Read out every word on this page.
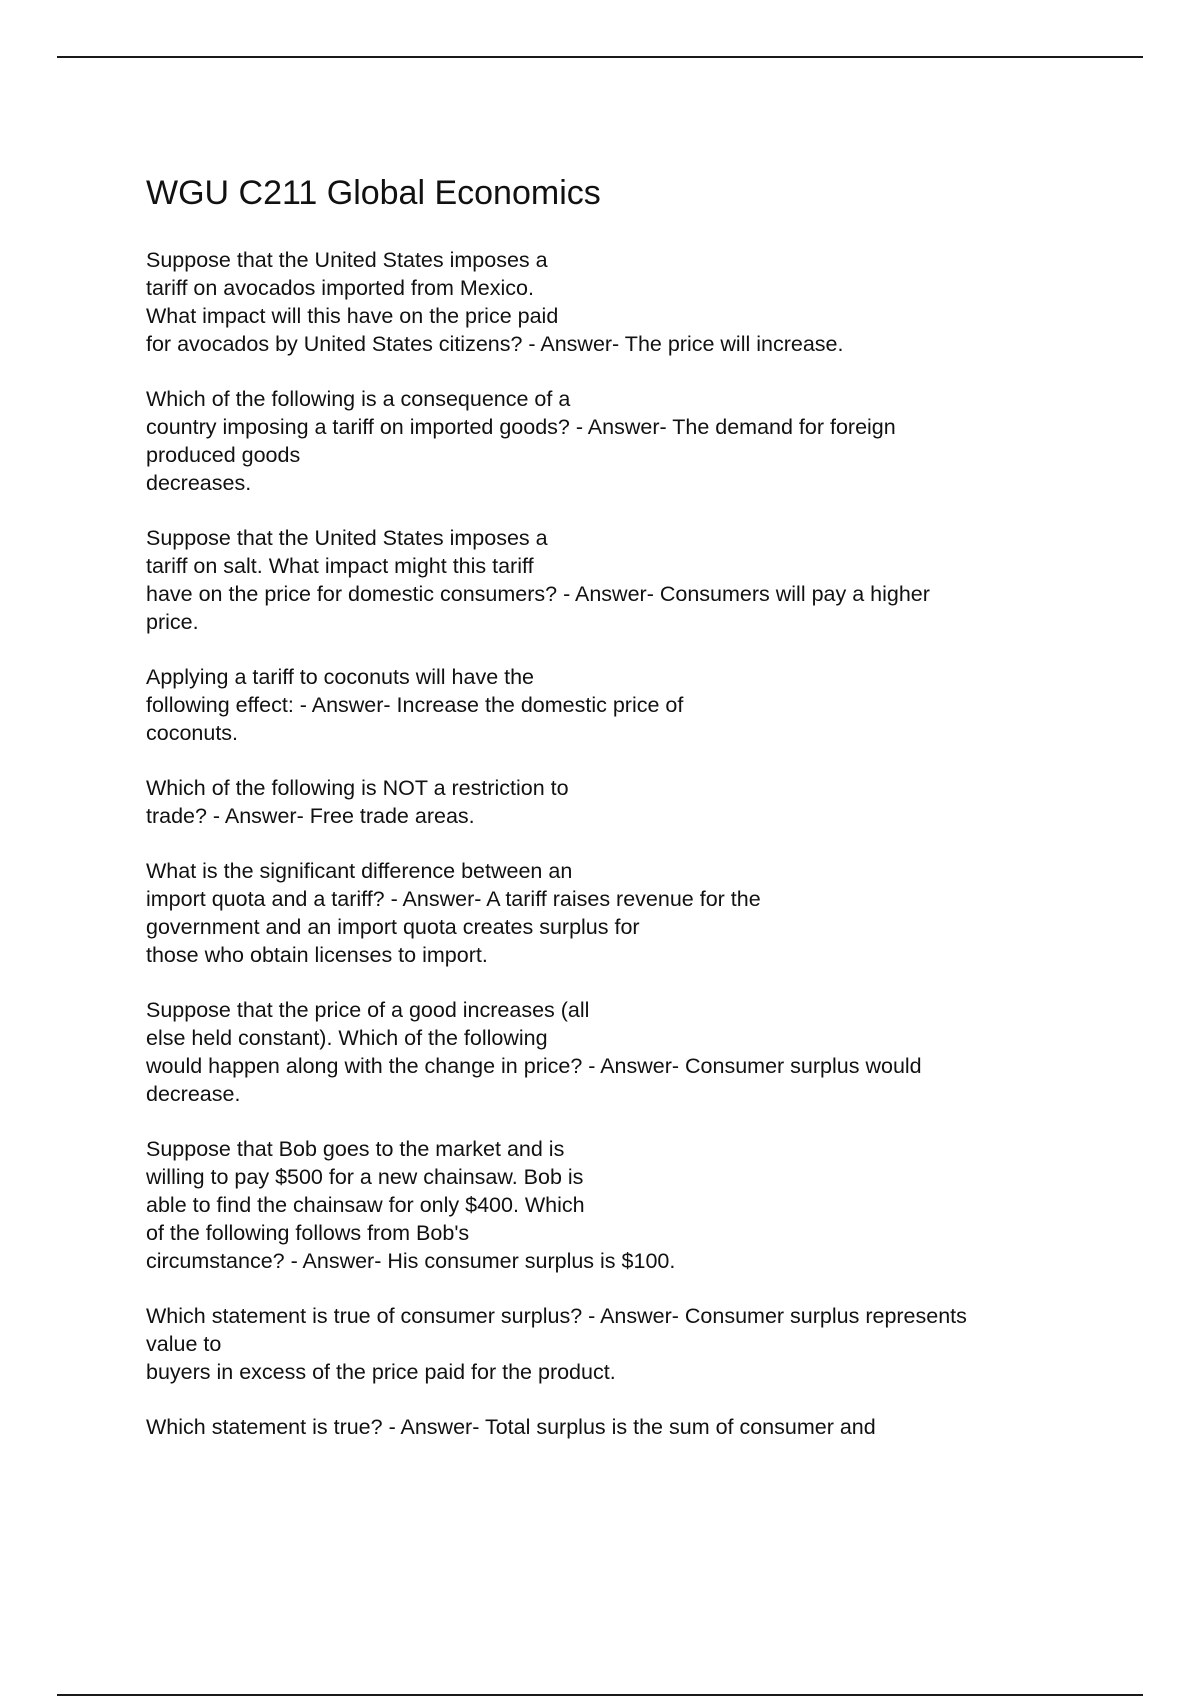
WGU C211 Global Economics
Suppose that the United States imposes a
tariff on avocados imported from Mexico.
What impact will this have on the price paid
for avocados by United States citizens? - Answer- The price will increase.
Which of the following is a consequence of a
country imposing a tariff on imported goods? - Answer- The demand for foreign
produced goods
decreases.
Suppose that the United States imposes a
tariff on salt. What impact might this tariff
have on the price for domestic consumers? - Answer- Consumers will pay a higher
price.
Applying a tariff to coconuts will have the
following effect: - Answer- Increase the domestic price of
coconuts.
Which of the following is NOT a restriction to
trade? - Answer- Free trade areas.
What is the significant difference between an
import quota and a tariff? - Answer- A tariff raises revenue for the
government and an import quota creates surplus for
those who obtain licenses to import.
Suppose that the price of a good increases (all
else held constant). Which of the following
would happen along with the change in price? - Answer- Consumer surplus would
decrease.
Suppose that Bob goes to the market and is
willing to pay $500 for a new chainsaw. Bob is
able to find the chainsaw for only $400. Which
of the following follows from Bob's
circumstance? - Answer- His consumer surplus is $100.
Which statement is true of consumer surplus? - Answer- Consumer surplus represents
value to
buyers in excess of the price paid for the product.
Which statement is true? - Answer- Total surplus is the sum of consumer and
